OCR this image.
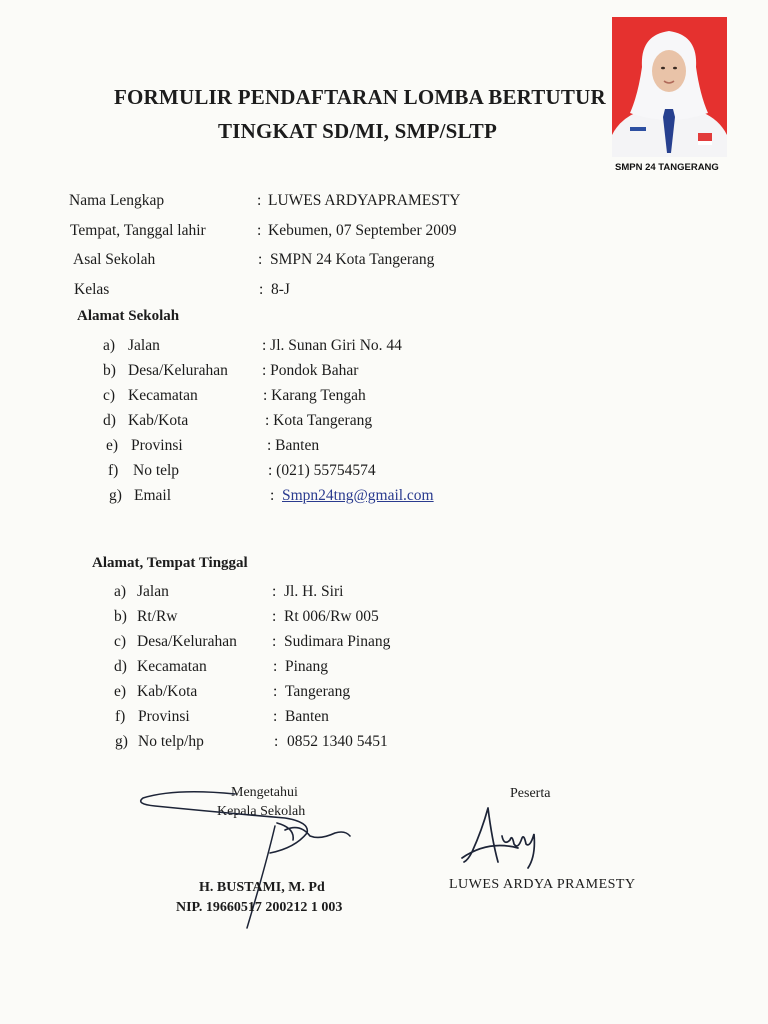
FORMULIR PENDAFTARAN LOMBA BERTUTUR
TINGKAT SD/MI, SMP/SLTP
SMPN 24 TANGERANG
Nama Lengkap	: LUWES ARDYAPRAMESTY
Tempat, Tanggal lahir	: Kebumen, 07 September 2009
Asal Sekolah	: SMPN 24 Kota Tangerang
Kelas	: 8-J
Alamat Sekolah
a) Jalan	: Jl. Sunan Giri No. 44
b) Desa/Kelurahan : Pondok Bahar
c) Kecamatan	: Karang Tengah
d) Kab/Kota	: Kota Tangerang
e) Provinsi	: Banten
f) No telp	: (021) 55754574
g) Email	: Smpn24tng@gmail.com
Alamat, Tempat Tinggal
a) Jalan	: Jl. H. Siri
b) Rt/Rw	: Rt 006/Rw 005
c) Desa/Kelurahan : Sudimara Pinang
d) Kecamatan	: Pinang
e) Kab/Kota	: Tangerang
f) Provinsi	: Banten
g) No telp/hp	: 0852 1340 5451
Mengetahui
Kepala Sekolah
H. BUSTAMI, M. Pd
NIP. 19660517 200212 1 003
Peserta
LUWES ARDYA PRAMESTY
